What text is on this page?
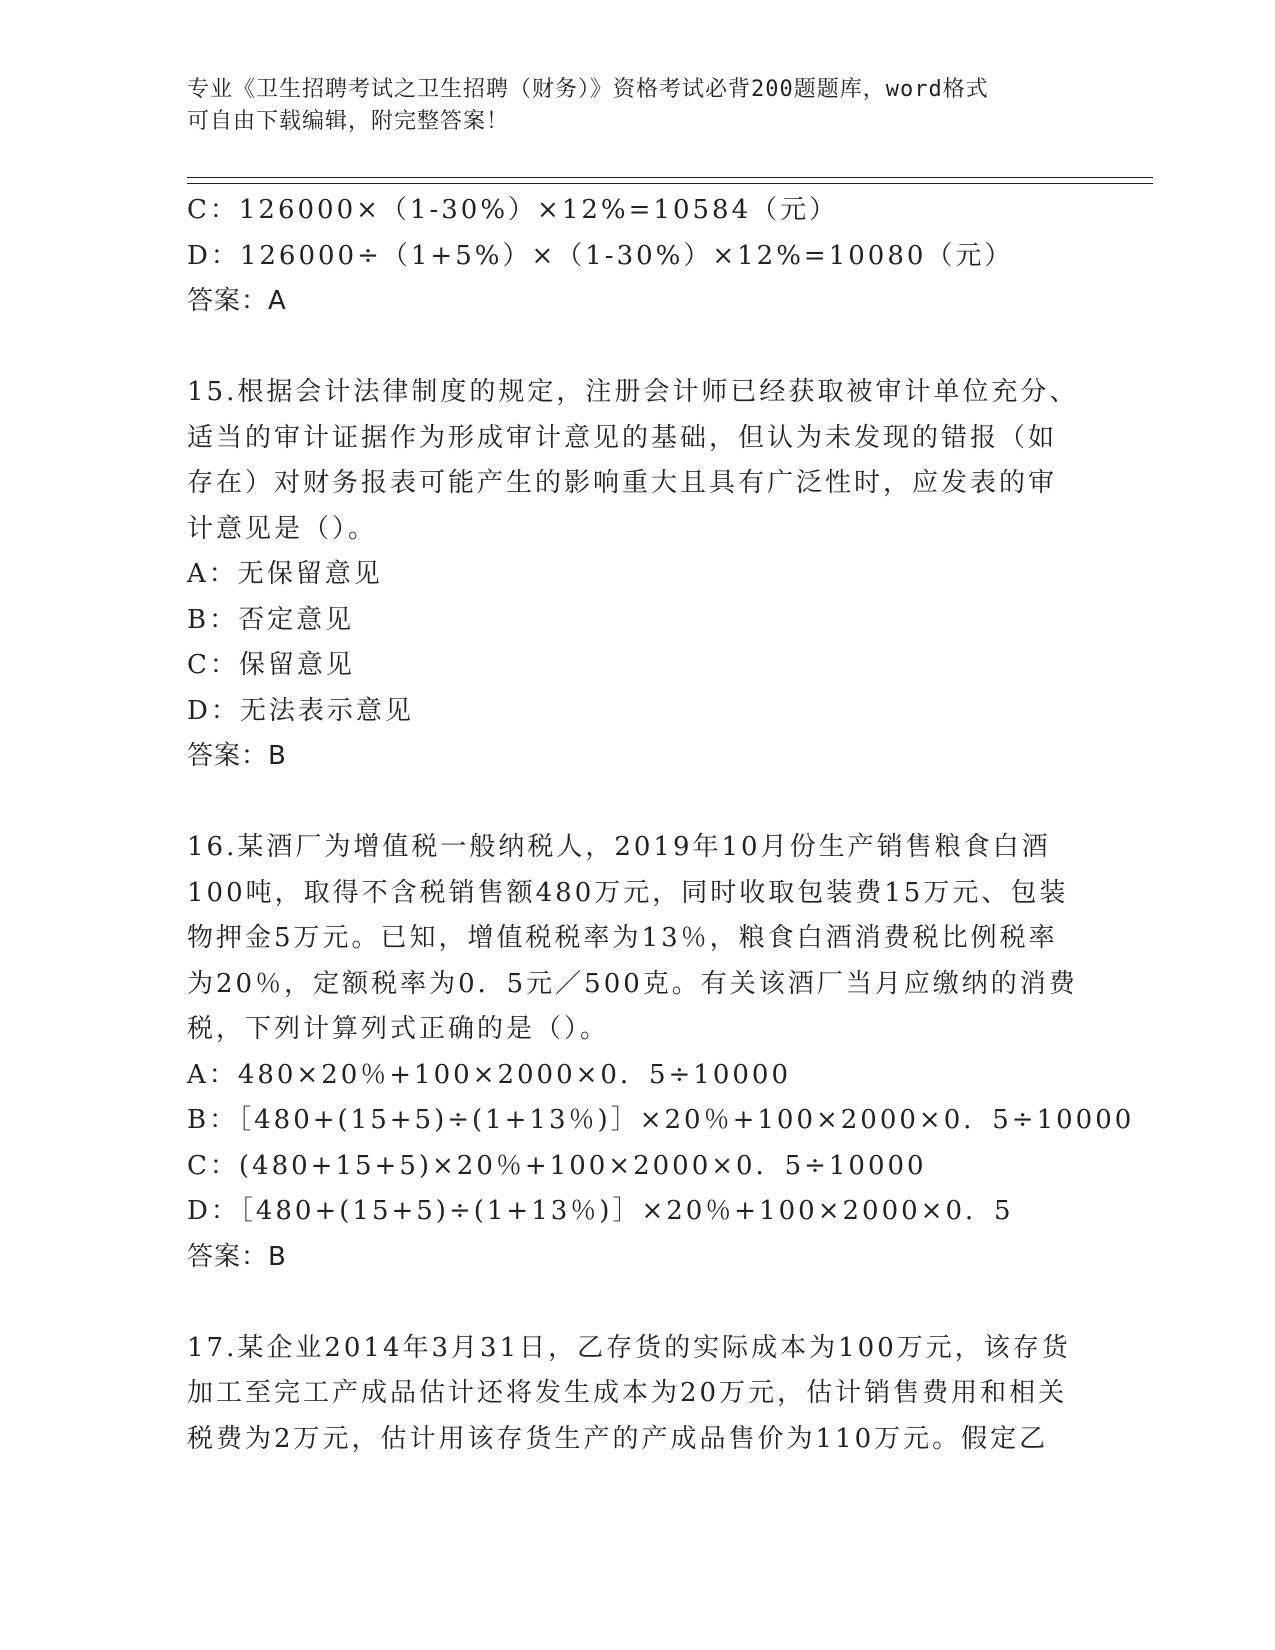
专业《卫生招聘考试之卫生招聘（财务）》资格考试必背200题题库，word格式
可自由下载编辑，附完整答案！
C：126000×（1-30%）×12%=10584（元）
D：126000÷（1+5%）×（1-30%）×12%=10080（元）
答案：A
15.根据会计法律制度的规定，注册会计师已经获取被审计单位充分、
适当的审计证据作为形成审计意见的基础，但认为未发现的错报（如
存在）对财务报表可能产生的影响重大且具有广泛性时，应发表的审
计意见是（）。
A：无保留意见
B：否定意见
C：保留意见
D：无法表示意见
答案：B
16.某酒厂为增值税一般纳税人，2019年10月份生产销售粮食白酒
100吨，取得不含税销售额480万元，同时收取包装费15万元、包装
物押金5万元。已知，增值税税率为13％，粮食白酒消费税比例税率
为20％，定额税率为0．5元／500克。有关该酒厂当月应缴纳的消费
税，下列计算列式正确的是（）。
A：480×20％+100×2000×0．5÷10000
B：［480+(15+5)÷(1+13％)］×20％+100×2000×0．5÷10000
C：(480+15+5)×20％+100×2000×0．5÷10000
D：［480+(15+5)÷(1+13％)］×20％+100×2000×0．5
答案：B
17.某企业2014年3月31日，乙存货的实际成本为100万元，该存货
加工至完工产成品估计还将发生成本为20万元，估计销售费用和相关
税费为2万元，估计用该存货生产的产成品售价为110万元。假定乙
